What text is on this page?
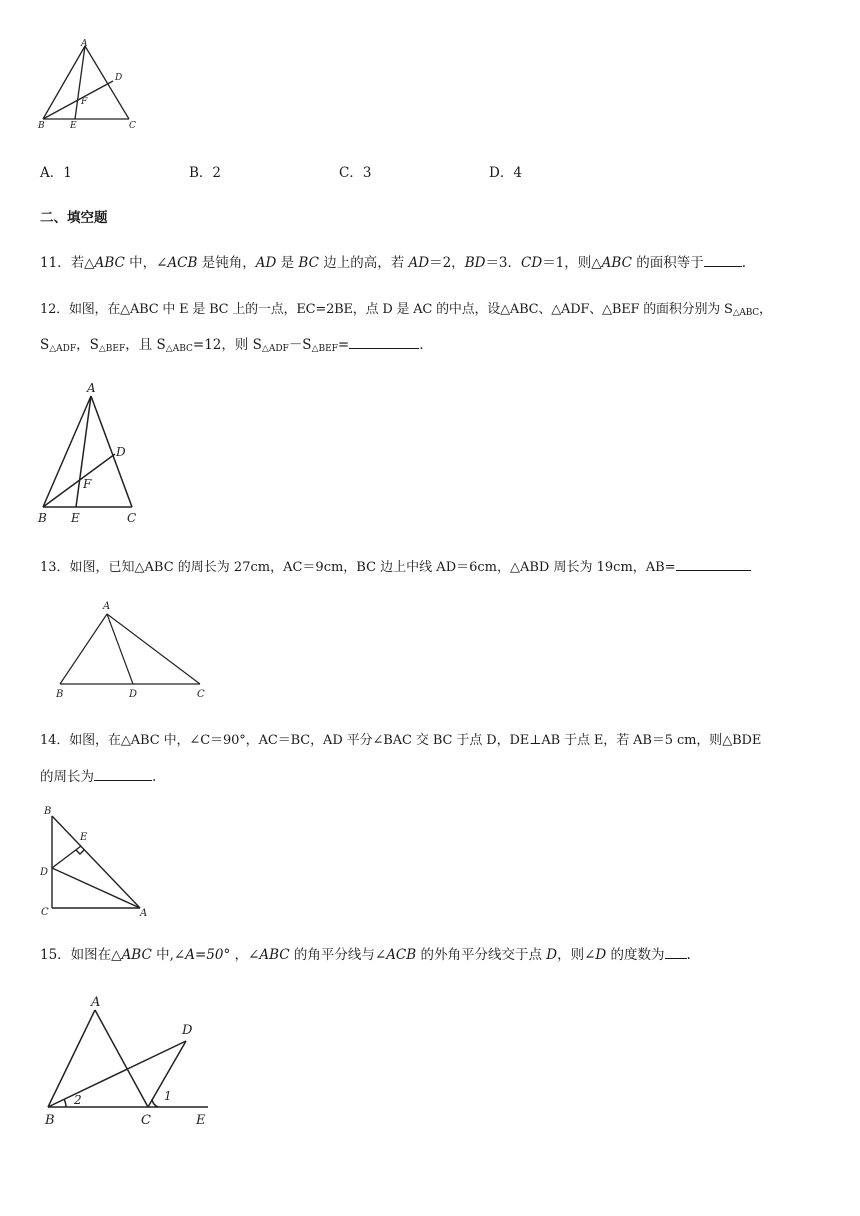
A
D
F
B	E	C
A．1	B．2	C．3	D．4
二、填空题
11．若△ABC 中，∠ACB 是钝角，AD 是 BC 边上的高，若 AD＝2，BD＝3．CD＝1，则△ABC 的面积等于	.
12．如图，在△ABC 中 E 是 BC 上的一点，EC=2BE，点 D 是 AC 的中点，设△ABC、△ADF、△BEF 的面积分别为 $S_{\triangle ABC}$，
$S_{\triangle ADF}$，$S_{\triangle BEF}$，且 $S_{\triangle ABC}=12$，则 $S_{\triangle ADF}-S_{\triangle BEF}=$	.
A
D
F
B E	C
13．如图，已知△ABC 的周长为 27cm，AC＝9cm，BC 边上中线 AD＝6cm，△ABD 周长为 19cm，AB=
A
B	D	C
14．如图，在△ABC 中，∠C＝90°，AC＝BC，AD 平分∠BAC 交 BC 于点 D，DE⊥AB 于点 E，若 AB＝5 cm，则△BDE
的周长为	.
B
E
D
C	A
15．如图在△ABC 中,∠A=50° ，∠ABC 的角平分线与∠ACB 的外角平分线交于点 D，则∠D 的度数为 .
A
D
B	C	E
1
2
